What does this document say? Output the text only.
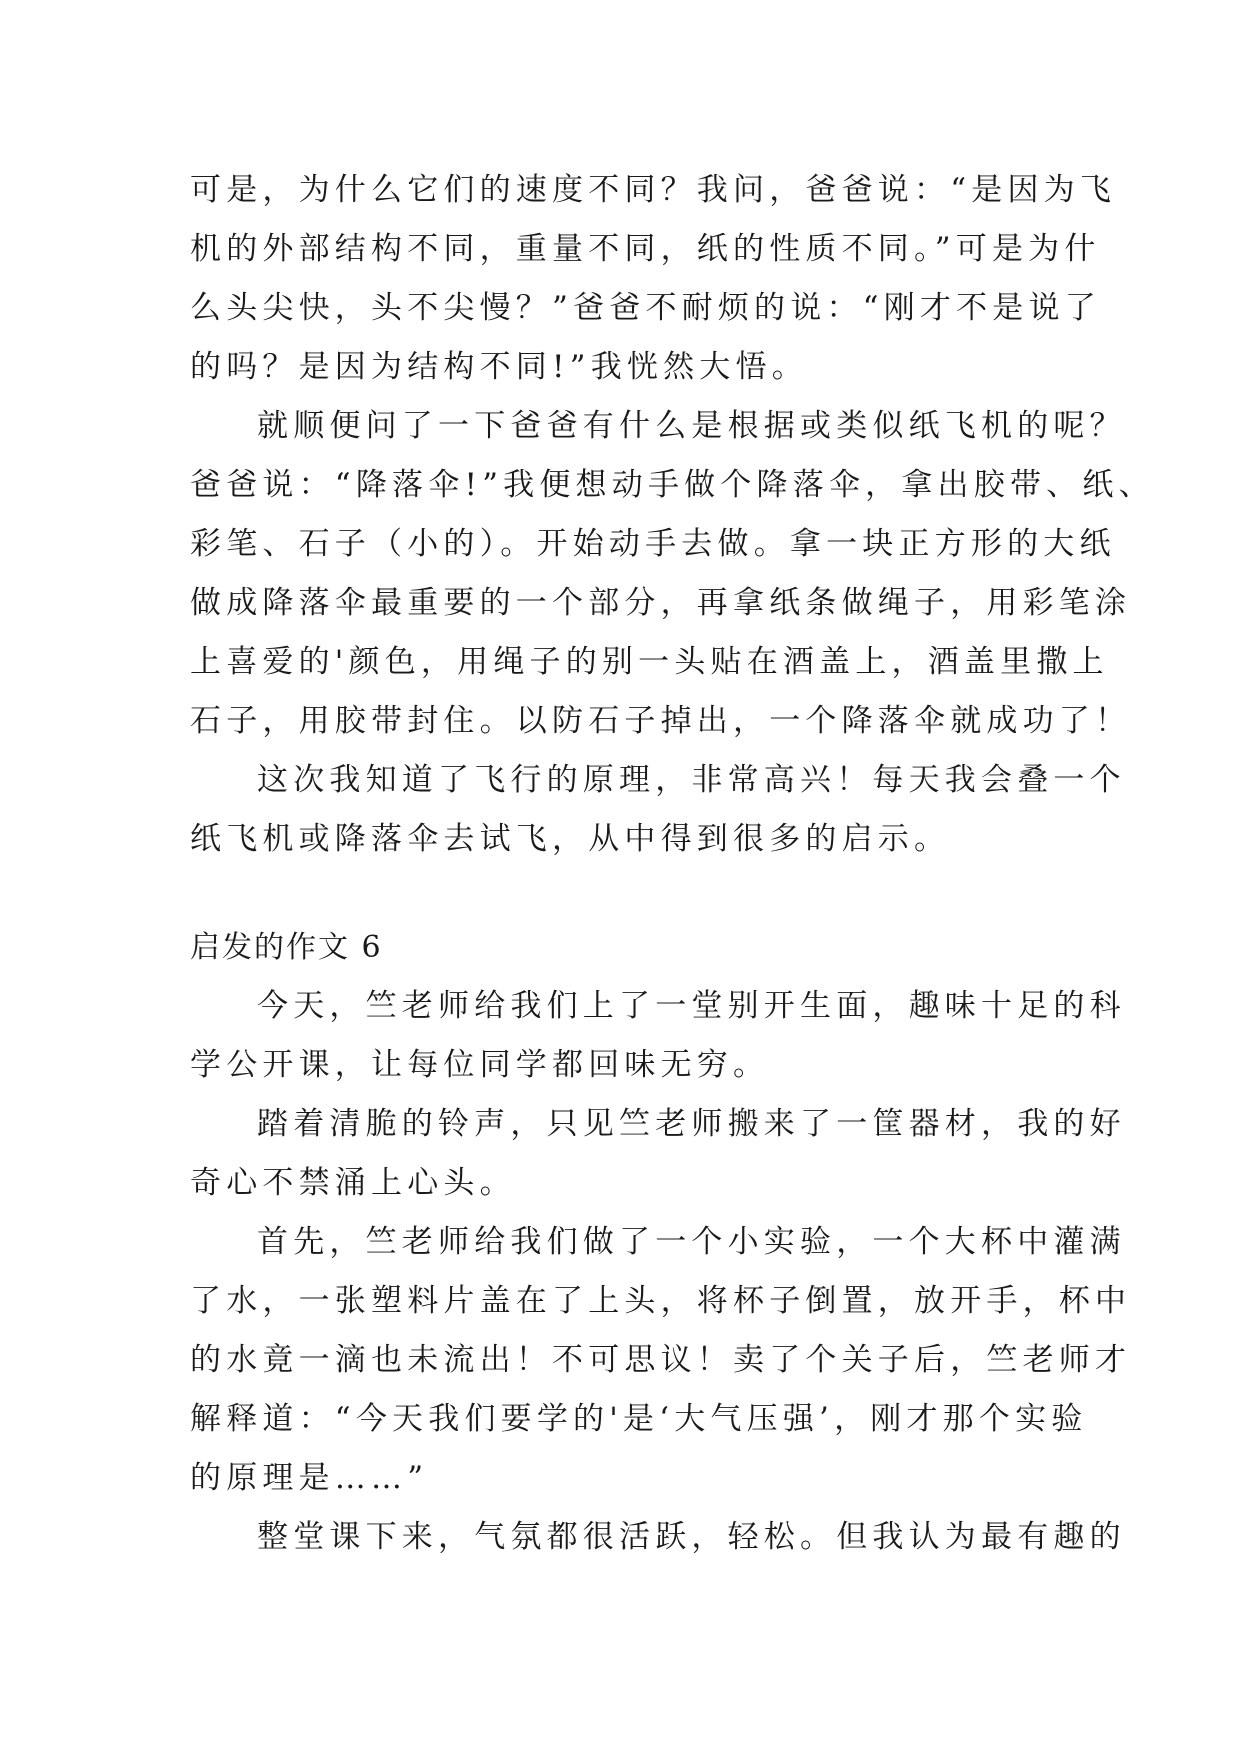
可是，为什么它们的速度不同？我问，爸爸说：“是因为飞
机的外部结构不同，重量不同，纸的性质不同。”可是为什
么头尖快，头不尖慢？”爸爸不耐烦的说：“刚才不是说了
的吗？是因为结构不同!”我恍然大悟。
就顺便问了一下爸爸有什么是根据或类似纸飞机的呢？
爸爸说：“降落伞!”我便想动手做个降落伞，拿出胶带、纸、
彩笔、石子（小的）。开始动手去做。拿一块正方形的大纸
做成降落伞最重要的一个部分，再拿纸条做绳子，用彩笔涂
上喜爱的'颜色，用绳子的别一头贴在酒盖上，酒盖里撒上
石子，用胶带封住。以防石子掉出，一个降落伞就成功了！
这次我知道了飞行的原理，非常高兴！每天我会叠一个
纸飞机或降落伞去试飞，从中得到很多的启示。
启发的作文 6
今天，竺老师给我们上了一堂别开生面，趣味十足的科
学公开课，让每位同学都回味无穷。
踏着清脆的铃声，只见竺老师搬来了一筐器材，我的好
奇心不禁涌上心头。
首先，竺老师给我们做了一个小实验，一个大杯中灌满
了水，一张塑料片盖在了上头，将杯子倒置，放开手，杯中
的水竟一滴也未流出！不可思议！卖了个关子后，竺老师才
解释道：“今天我们要学的'是‘大气压强’，刚才那个实验
的原理是……”
整堂课下来，气氛都很活跃，轻松。但我认为最有趣的
